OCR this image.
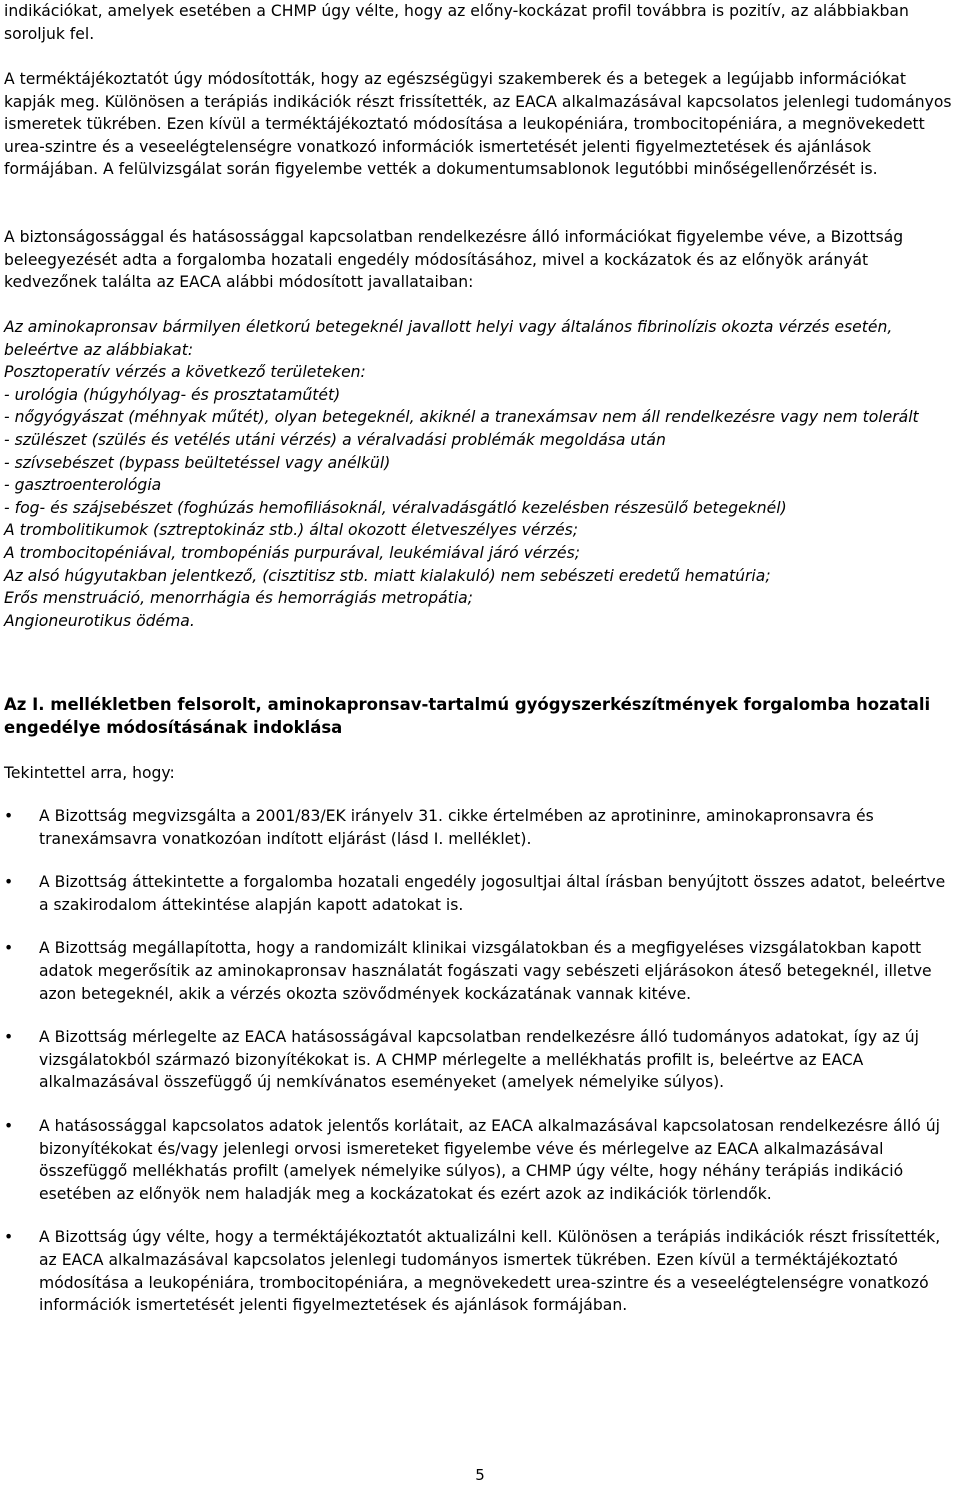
indikációkat, amelyek esetében a CHMP úgy vélte, hogy az előny-kockázat profil továbbra is pozitív, az alábbiakban soroljuk fel.

A terméktájékoztatót úgy módosították, hogy az egészségügyi szakemberek és a betegek a legújabb információkat kapják meg. Különösen a terápiás indikációk részt frissítették, az EACA alkalmazásával kapcsolatos jelenlegi tudományos ismeretek tükrében. Ezen kívül a terméktájékoztató módosítása a leukopéniára, trombocitopéniára, a megnövekedett urea-szintre és a veseelégtelenségre vonatkozó információk ismertetését jelenti figyelmeztetések és ajánlások formájában. A felülvizsgálat során figyelembe vették a dokumentumsablonok legutóbbi minőségellenőrzését is.

A biztonságossággal és hatásossággal kapcsolatban rendelkezésre álló információkat figyelembe véve, a Bizottság beleegyezését adta a forgalomba hozatali engedély módosításához, mivel a kockázatok és az előnyök arányát kedvezőnek találta az EACA alábbi módosított javallataiban:

Az aminokapronsav bármilyen életkorú betegeknél javallott helyi vagy általános fibrinolízis okozta vérzés esetén, beleértve az alábbiakat:

Posztoperatív vérzés a következő területeken:

- urológia (húgyhólyag- és prosztataműtét)

- nőgyógyászat (méhnyak műtét), olyan betegeknél, akiknél a tranexámsav nem áll rendelkezésre vagy nem tolerált

- szülészet (szülés és vetélés utáni vérzés) a véralvadási problémák megoldása után

- szívsebészet (bypass beültetéssel vagy anélkül)

- gasztroenterológia

- fog- és szájsebészet (foghúzás hemofiliásoknál, véralvadásgátló kezelésben részesülő betegeknél)

A trombolitikumok (sztreptokináz stb.) által okozott életveszélyes vérzés;

A trombocitopéniával, trombopéniás purpurával, leukémiával járó vérzés;

Az alsó húgyutakban jelentkező, (cisztitisz stb. miatt kialakuló) nem sebészeti eredetű hematúria;

Erős menstruáció, menorrhágia és hemorrágiás metropátia;

Angioneurotikus ödéma.

Az I. mellékletben felsorolt, aminokapronsav-tartalmú gyógyszerkészítmények forgalomba hozatali engedélye módosításának indoklása

Tekintettel arra, hogy:

•	A Bizottság megvizsgálta a 2001/83/EK irányelv 31. cikke értelmében az aprotininre, aminokapronsavra és tranexámsavra vonatkozóan indított eljárást (lásd I. melléklet).
•	A Bizottság áttekintette a forgalomba hozatali engedély jogosultjai által írásban benyújtott összes adatot, beleértve a szakirodalom áttekintése alapján kapott adatokat is.
•	A Bizottság megállapította, hogy a randomizált klinikai vizsgálatokban és a megfigyeléses vizsgálatokban kapott adatok megerősítik az aminokapronsav használatát fogászati vagy sebészeti eljárásokon áteső betegeknél, illetve azon betegeknél, akik a vérzés okozta szövődmények kockázatának vannak kitéve.
•	A Bizottság mérlegelte az EACA hatásosságával kapcsolatban rendelkezésre álló tudományos adatokat, így az új vizsgálatokból származó bizonyítékokat is. A CHMP mérlegelte a mellékhatás profilt is, beleértve az EACA alkalmazásával összefüggő új nemkívánatos eseményeket (amelyek némelyike súlyos).
•	A hatásossággal kapcsolatos adatok jelentős korlátait, az EACA alkalmazásával kapcsolatosan rendelkezésre álló új bizonyítékokat és/vagy jelenlegi orvosi ismereteket figyelembe véve és mérlegelve az EACA alkalmazásával összefüggő mellékhatás profilt (amelyek némelyike súlyos), a CHMP úgy vélte, hogy néhány terápiás indikáció esetében az előnyök nem haladják meg a kockázatokat és ezért azok az indikációk törlendők.
•	A Bizottság úgy vélte, hogy a terméktájékoztatót aktualizálni kell. Különösen a terápiás indikációk részt frissítették, az EACA alkalmazásával kapcsolatos jelenlegi tudományos ismertek tükrében. Ezen kívül a terméktájékoztató módosítása a leukopéniára, trombocitopéniára, a megnövekedett urea-szintre és a veseelégtelenségre vonatkozó információk ismertetését jelenti figyelmeztetések és ajánlások formájában.
5
